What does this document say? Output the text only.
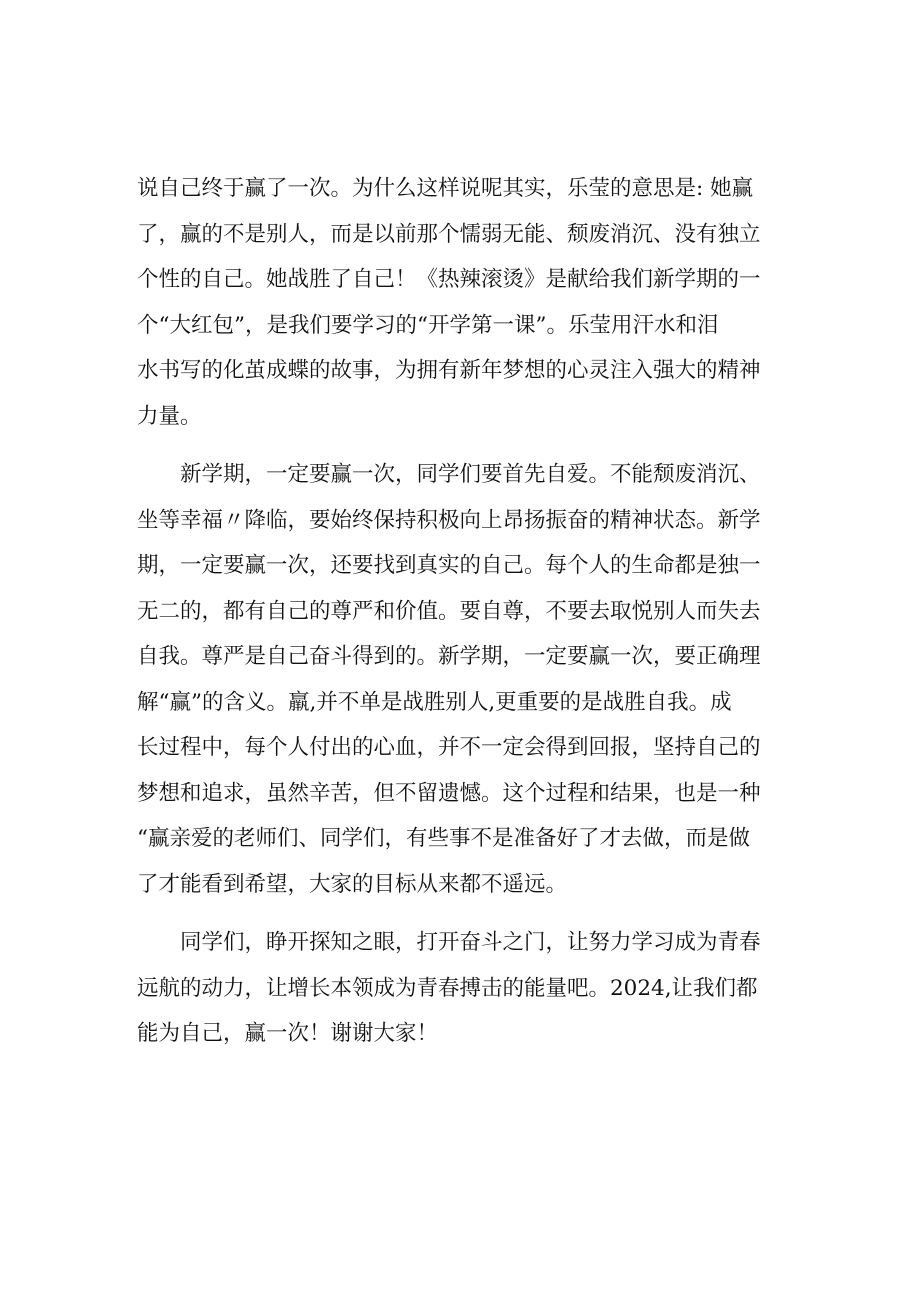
说自己终于赢了一次。为什么这样说呢其实，乐莹的意思是: 她赢
了，赢的不是别人，而是以前那个懦弱无能、颓废消沉、没有独立
个性的自己。她战胜了自己！《热辣滚烫》是献给我们新学期的一
个“大红包”，是我们要学习的“开学第一课”。乐莹用汗水和泪
水书写的化茧成蝶的故事，为拥有新年梦想的心灵注入强大的精神
力量。
　　新学期，一定要赢一次，同学们要首先自爱。不能颓废消沉、
坐等幸福〃降临，要始终保持积极向上昂扬振奋的精神状态。新学
期，一定要赢一次，还要找到真实的自己。每个人的生命都是独一
无二的，都有自己的尊严和价值。要自尊，不要去取悦别人而失去
自我。尊严是自己奋斗得到的。新学期，一定要赢一次，要正确理
解“赢”的含义。羸,并不单是战胜别人,更重要的是战胜自我。成
长过程中，每个人付出的心血，并不一定会得到回报，坚持自己的
梦想和追求，虽然辛苦，但不留遗憾。这个过程和结果，也是一种
“赢亲爱的老师们、同学们，有些事不是准备好了才去做，而是做
了才能看到希望，大家的目标从来都不遥远。
　　同学们，睁开探知之眼，打开奋斗之门，让努力学习成为青春
远航的动力，让增长本领成为青春搏击的能量吧。2024,让我们都
能为自己，赢一次！谢谢大家！
